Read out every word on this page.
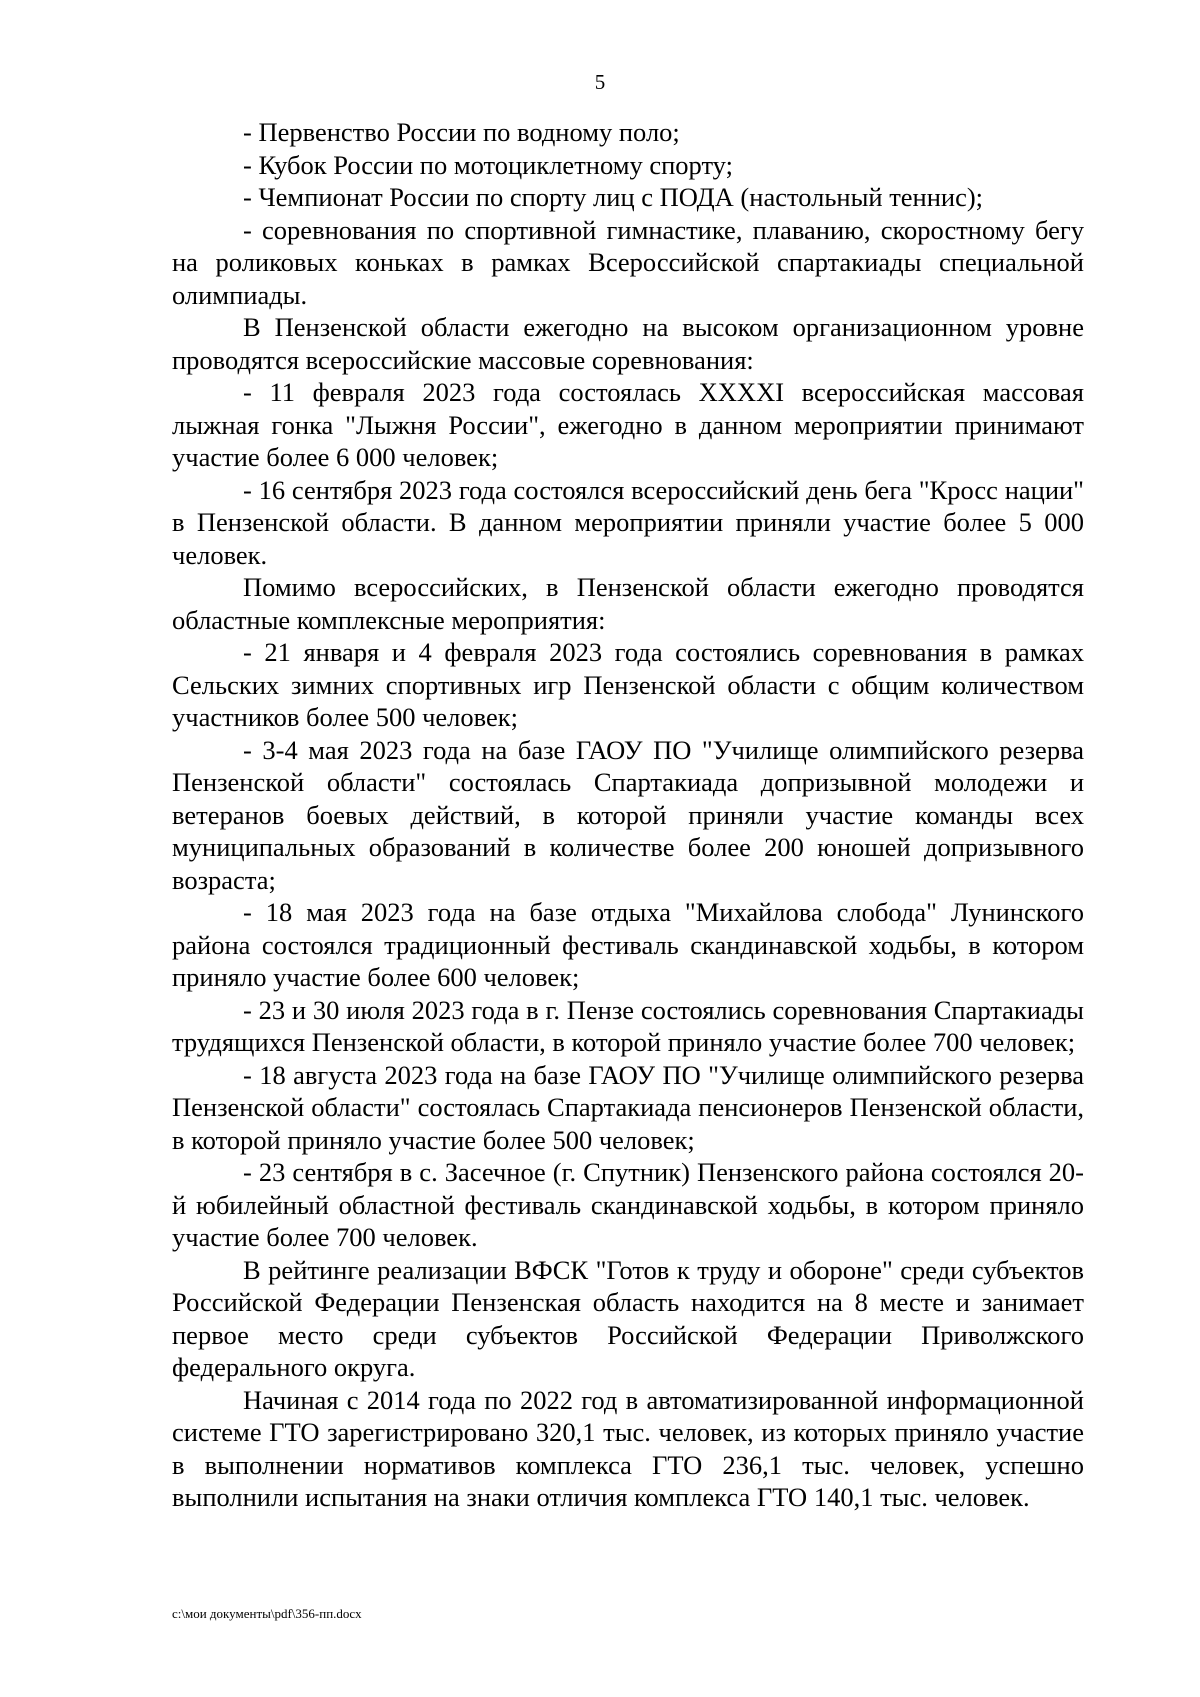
5

- Первенство России по водному поло;

- Кубок России по мотоциклетному спорту;

- Чемпионат России по спорту лиц с ПОДА (настольный теннис);

- соревнования по спортивной гимнастике, плаванию, скоростному бегу на роликовых коньках в рамках Всероссийской спартакиады специальной олимпиады.

В Пензенской области ежегодно на высоком организационном уровне проводятся всероссийские массовые соревнования:

- 11 февраля 2023 года состоялась XXXXI всероссийская массовая лыжная гонка "Лыжня России", ежегодно в данном мероприятии принимают участие более 6 000 человек;

- 16 сентября 2023 года состоялся всероссийский день бега "Кросс нации" в Пензенской области. В данном мероприятии приняли участие более 5 000 человек.

Помимо всероссийских, в Пензенской области ежегодно проводятся областные комплексные мероприятия:

- 21 января и 4 февраля 2023 года состоялись соревнования в рамках Сельских зимних спортивных игр Пензенской области с общим количеством участников более 500 человек;

- 3-4 мая 2023 года на базе ГАОУ ПО "Училище олимпийского резерва Пензенской области" состоялась Спартакиада допризывной молодежи и ветеранов боевых действий, в которой приняли участие команды всех муниципальных образований в количестве более 200 юношей допризывного возраста;

- 18 мая 2023 года на базе отдыха "Михайлова слобода" Лунинского района состоялся традиционный фестиваль скандинавской ходьбы, в котором приняло участие более 600 человек;

- 23 и 30 июля 2023 года в г. Пензе состоялись соревнования Спартакиады трудящихся Пензенской области, в которой приняло участие более 700 человек;

- 18 августа 2023 года на базе ГАОУ ПО "Училище олимпийского резерва Пензенской области" состоялась Спартакиада пенсионеров Пензенской области, в которой приняло участие более 500 человек;

- 23 сентября в с. Засечное (г. Спутник) Пензенского района состоялся 20-й юбилейный областной фестиваль скандинавской ходьбы, в котором приняло участие более 700 человек.

В рейтинге реализации ВФСК "Готов к труду и обороне" среди субъектов Российской Федерации Пензенская область находится на 8 месте и занимает первое место среди субъектов Российской Федерации Приволжского федерального округа.

Начиная с 2014 года по 2022 год в автоматизированной информационной системе ГТО зарегистрировано 320,1 тыс. человек, из которых приняло участие в выполнении нормативов комплекса ГТО 236,1 тыс. человек, успешно выполнили испытания на знаки отличия комплекса ГТО 140,1 тыс. человек.

c:\мои документы\pdf\356-пп.docx
